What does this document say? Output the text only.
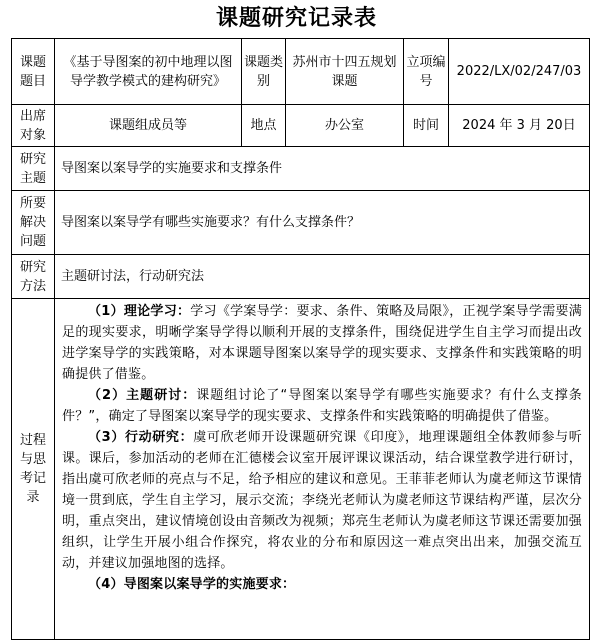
课题研究记录表
课题题目	《基于导图案的初中地理以图导学教学模式的建构研究》	课题类别	苏州市十四五规划课题	立项编号	2022/LX/02/247/03
出席对象	课题组成员等	地点	办公室	时间	2024 年 3 月 20日
研究主题	导图案以案导学的实施要求和支撑条件				
所要解决问题	导图案以案导学有哪些实施要求？有什么支撑条件？				
研究方法	主题研讨法，行动研究法				
过程与思考记录	（1）理论学习：学习《学案导学：要求、条件、策略及局限》，正视学案导学需要满足的现实要求，明晰学案导学得以顺利开展的支撑条件，围绕促进学生自主学习而提出改进学案导学的实践策略，对本课题导图案以案导学的现实要求、支撑条件和实践策略的明确提供了借鉴。

（2）主题研讨：课题组讨论了“导图案以案导学有哪些实施要求？有什么支撑条件？”，确定了导图案以案导学的现实要求、支撑条件和实践策略的明确提供了借鉴。

（3）行动研究：虞可欣老师开设课题研究课《印度》，地理课题组全体教师参与听课。课后，参加活动的老师在汇德楼会议室开展评课议课活动，结合课堂教学进行研讨，指出虞可欣老师的亮点与不足，给予相应的建议和意见。王菲菲老师认为虞老师这节课情境一贯到底，学生自主学习，展示交流；李绕光老师认为虞老师这节课结构严谨，层次分明，重点突出，建议情境创设由音频改为视频；郑亮生老师认为虞老师这节课还需要加强组织，让学生开展小组合作探究，将农业的分布和原因这一难点突出出来，加强交流互动，并建议加强地图的选择。

（4）导图案以案导学的实施要求：				
